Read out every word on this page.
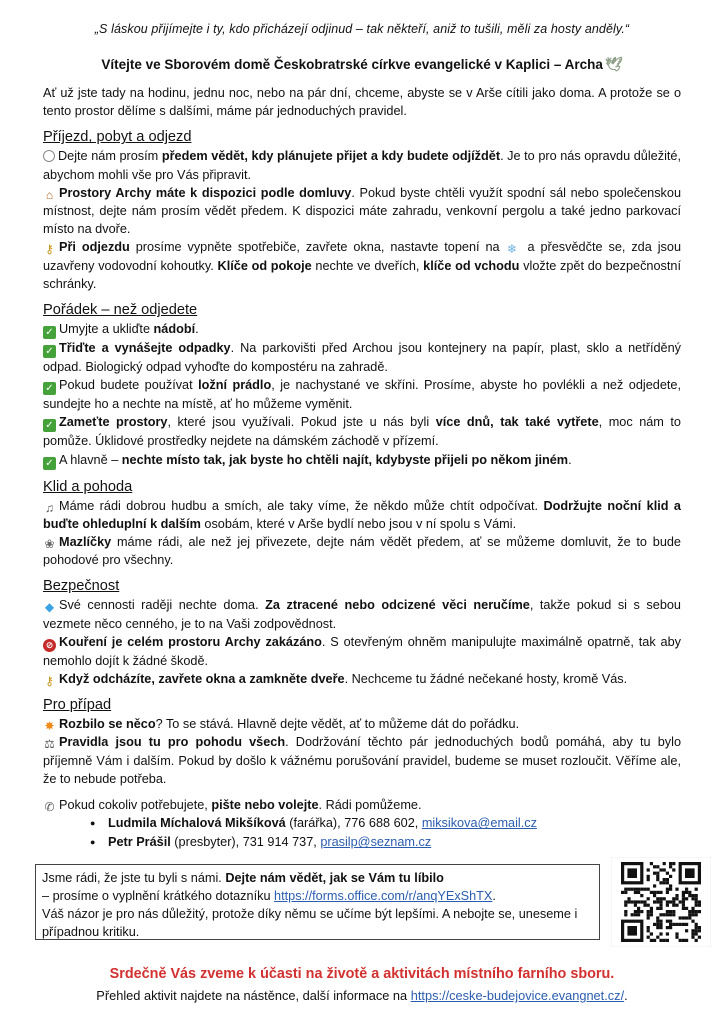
„S láskou přijímejte i ty, kdo přicházejí odjinud – tak někteří, aniž to tušili, měli za hosty anděly.“
Vítejte ve Sborovém domě Českobratrské církve evangelické v Kaplici – Archa 🕊

Ať už jste tady na hodinu, jednu noc, nebo na pár dní, chceme, abyste se v Arše cítili jako doma. A protože se o tento prostor dělíme s dalšími, máme pár jednoduchých pravidel.

Příjezd, pobyt a odjezd

Dejte nám prosím předem vědět, kdy plánujete přijet a kdy budete odjíždět. Je to pro nás opravdu důležité, abychom mohli vše pro Vás připravit.

⌂ Prostory Archy máte k dispozici podle domluvy. Pokud byste chtěli využít spodní sál nebo společenskou místnost, dejte nám prosím vědět předem. K dispozici máte zahradu, venkovní pergolu a také jedno parkovací místo na dvoře.

⚷ Při odjezdu prosíme vypněte spotřebiče, zavřete okna, nastavte topení na ❄ a přesvědčte se, zda jsou uzavřeny vodovodní kohoutky. Klíče od pokoje nechte ve dveřích, klíče od vchodu vložte zpět do bezpečnostní schránky.

Pořádek – než odjedete

✓ Umyjte a ukliďte nádobí.

✓ Třiďte a vynášejte odpadky. Na parkovišti před Archou jsou kontejnery na papír, plast, sklo a netříděný odpad. Biologický odpad vyhoďte do kompostéru na zahradě.

✓ Pokud budete používat ložní prádlo, je nachystané ve skříni. Prosíme, abyste ho povlékli a než odjedete, sundejte ho a nechte na místě, ať ho můžeme vyměnit.

✓ Zameťte prostory, které jsou využívali. Pokud jste u nás byli více dnů, tak také vytřete, moc nám to pomůže. Úklidové prostředky nejdete na dámském záchodě v přízemí.

✓ A hlavně – nechte místo tak, jak byste ho chtěli najít, kdybyste přijeli po někom jiném.

Klid a pohoda

♫ Máme rádi dobrou hudbu a smích, ale taky víme, že někdo může chtít odpočívat. Dodržujte noční klid a buďte ohleduplní k dalším osobám, které v Arše bydlí nebo jsou v ní spolu s Vámi.

❀ Mazlíčky máme rádi, ale než jej přivezete, dejte nám vědět předem, ať se můžeme domluvit, že to bude pohodové pro všechny.

Bezpečnost

◆ Své cennosti raději nechte doma. Za ztracené nebo odcizené věci neručíme, takže pokud si s sebou vezmete něco cenného, je to na Vaši zodpovědnost.

⊘ Kouření je celém prostoru Archy zakázáno. S otevřeným ohněm manipulujte maximálně opatrně, tak aby nemohlo dojít k žádné škodě.

⚷ Když odcházíte, zavřete okna a zamkněte dveře. Nechceme tu žádné nečekané hosty, kromě Vás.

Pro případ

✸ Rozbilo se něco? To se stává. Hlavně dejte vědět, ať to můžeme dát do pořádku.

⚖ Pravidla jsou tu pro pohodu všech. Dodržování těchto pár jednoduchých bodů pomáhá, aby tu bylo příjemně Vám i dalším. Pokud by došlo k vážnému porušování pravidel, budeme se muset rozloučit. Věříme ale, že to nebude potřeba.

✆ Pokud cokoliv potřebujete, pište nebo volejte. Rádi pomůžeme.

● Ludmila Míchalová Mikšíková (farářka), 776 688 602, miksikova@email.cz
● Petr Prášil (presbyter), 731 914 737, prasilp@seznam.cz
Jsme rádi, že jste tu byli s námi. Dejte nám vědět, jak se Vám tu líbilo
– prosíme o vyplnění krátkého dotazníku https://forms.office.com/r/anqYExShTX.
Váš názor je pro nás důležitý, protože díky němu se učíme být lepšími. A nebojte se, uneseme i případnou kritiku.
Srdečně Vás zveme k účasti na životě a aktivitách místního farního sboru.
Přehled aktivit najdete na nástěnce, další informace na https://ceske-budejovice.evangnet.cz/.
